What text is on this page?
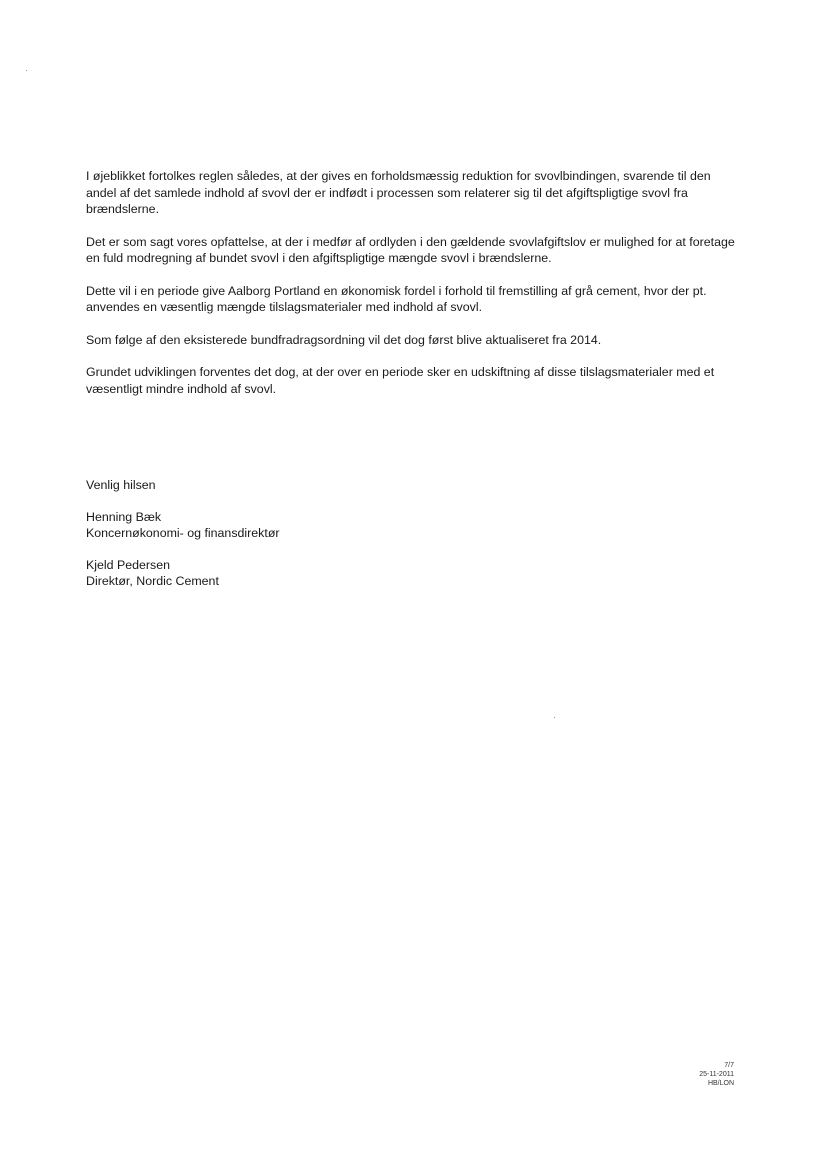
I øjeblikket fortolkes reglen således, at der gives en forholdsmæssig reduktion for svovlbindingen, svarende til den andel af det samlede indhold af svovl der er indfødt i processen som relaterer sig til det afgiftspligtige svovl fra brændslerne.

Det er som sagt vores opfattelse, at der i medfør af ordlyden i den gældende svovlafgiftslov er mulighed for at foretage en fuld modregning af bundet svovl i den afgiftspligtige mængde svovl i brændslerne.

Dette vil i en periode give Aalborg Portland en økonomisk fordel i forhold til fremstilling af grå cement, hvor der pt. anvendes en væsentlig mængde tilslagsmaterialer med indhold af svovl.

Som følge af den eksisterede bundfradragsordning vil det dog først blive aktualiseret fra 2014.

Grundet udviklingen forventes det dog, at der over en periode sker en udskiftning af disse tilslagsmaterialer med et væsentligt mindre indhold af svovl.

Venlig hilsen
Henning Bæk
Koncernøkonomi- og finansdirektør
Kjeld Pedersen
Direktør, Nordic Cement
7/7
25-11-2011
HB/LON
